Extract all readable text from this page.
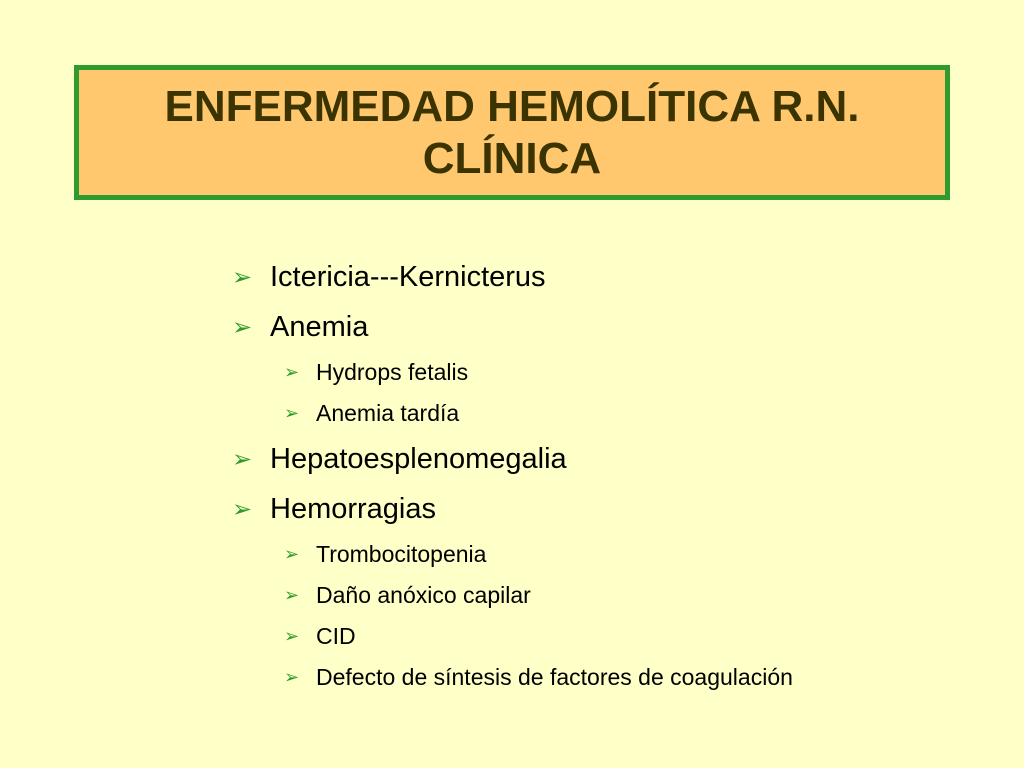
ENFERMEDAD HEMOLÍTICA R.N.
CLÍNICA
➢ Ictericia---Kernicterus
➢ Anemia
➢ Hydrops fetalis
➢ Anemia tardía
➢ Hepatoesplenomegalia
➢ Hemorragias
➢ Trombocitopenia
➢ Daño anóxico capilar
➢ CID
➢ Defecto de síntesis de factores de coagulación
